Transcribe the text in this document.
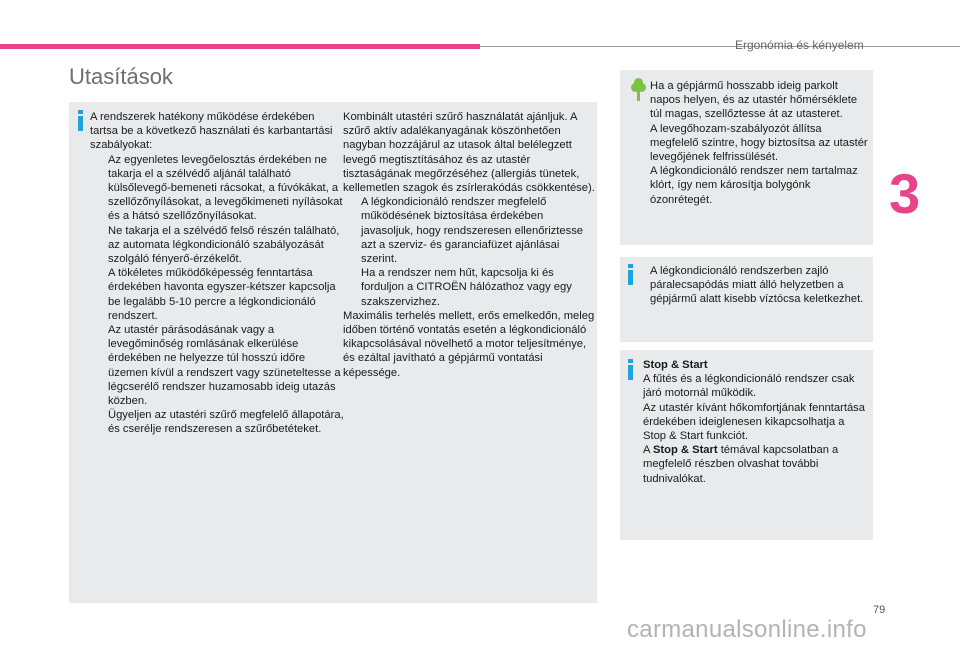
Ergonómia és kényelem
3
Utasítások

A rendszerek hatékony működése érdekében tartsa be a következő használati és karbantartási szabályokat:

Az egyenletes levegőelosztás érdekében ne takarja el a szélvédő aljánál található külsőlevegő-bemeneti rácsokat, a fúvókákat, a szellőzőnyílásokat, a levegőkimeneti nyílásokat és a hátsó szellőzőnyílásokat.
Ne takarja el a szélvédő felső részén található, az automata légkondicionáló szabályozását szolgáló fényerő-érzékelőt.
A tökéletes működőképesség fenntartása érdekében havonta egyszer-kétszer kapcsolja be legalább 5-10 percre a légkondicionáló rendszert.
Az utastér párásodásának vagy a levegőminőség romlásának elkerülése érdekében ne helyezze túl hosszú időre üzemen kívül a rendszert vagy szüneteltesse a légcserélő rendszer huzamosabb ideig utazás közben.
Ügyeljen az utastéri szűrő megfelelő állapotára, és cserélje rendszeresen a szűrőbetéteket.

Kombinált utastéri szűrő használatát ajánljuk. A szűrő aktív adalékanyagának köszönhetően nagyban hozzájárul az utasok által belélegzett levegő megtisztításához és az utastér tisztaságának megőrzéséhez (allergiás tünetek, kellemetlen szagok és zsírlerakódás csökkentése).

A légkondicionáló rendszer megfelelő működésének biztosítása érdekében javasoljuk, hogy rendszeresen ellenőriztesse azt a szerviz- és garanciafüzet ajánlásai szerint.
Ha a rendszer nem hűt, kapcsolja ki és forduljon a CITROËN hálózathoz vagy egy szakszervizhez.

Maximális terhelés mellett, erős emelkedőn, meleg időben történő vontatás esetén a légkondicionáló kikapcsolásával növelhető a motor teljesítménye, és ezáltal javítható a gépjármű vontatási képessége.

Ha a gépjármű hosszabb ideig parkolt napos helyen, és az utastér hőmérséklete túl magas, szellőztesse át az utasteret.

A levegőhozam-szabályozót állítsa megfelelő szintre, hogy biztosítsa az utastér levegőjének felfrissülését.

A légkondicionáló rendszer nem tartalmaz klórt, így nem károsítja bolygónk ózonrétegét.

A légkondicionáló rendszerben zajló páralecsapódás miatt álló helyzetben a gépjármű alatt kisebb víztócsa keletkezhet.

Stop & Start

A fűtés és a légkondicionáló rendszer csak járó motornál működik.

Az utastér kívánt hőkomfortjának fenntartása érdekében ideiglenesen kikapcsolhatja a Stop & Start funkciót.

A Stop & Start témával kapcsolatban a megfelelő részben olvashat további tudnivalókat.

79
carmanualsonline.info
